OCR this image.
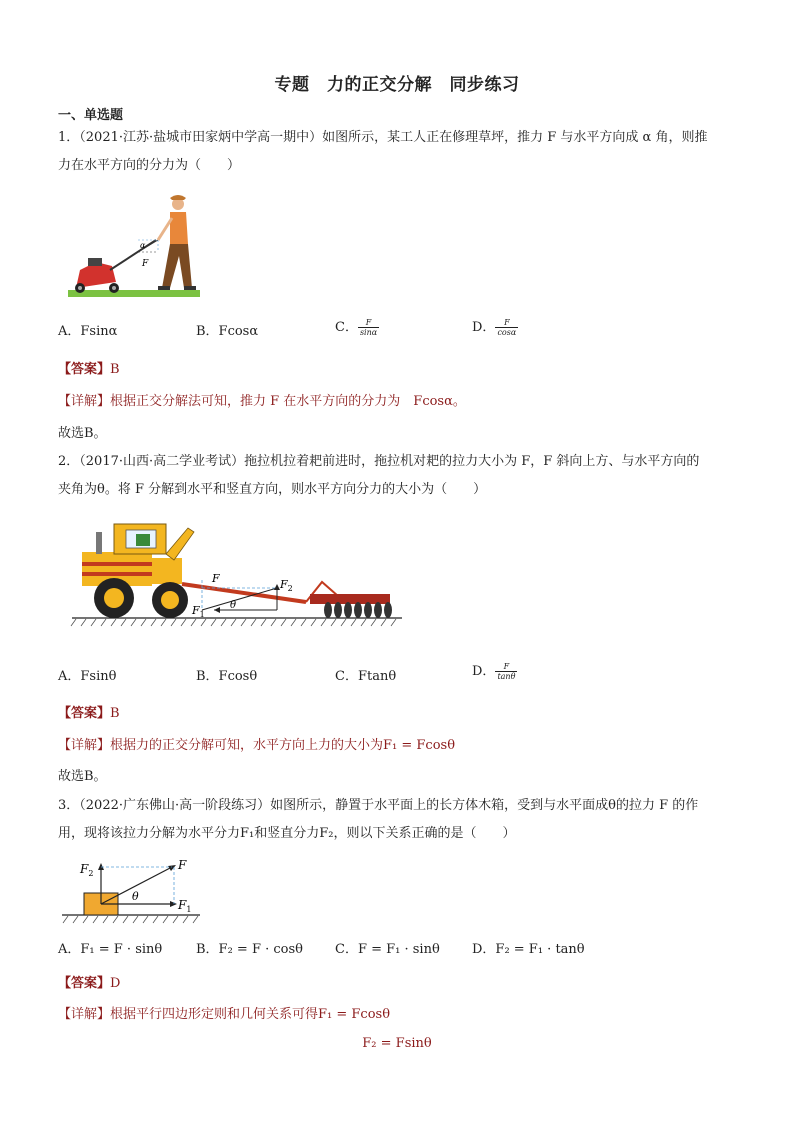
专题　力的正交分解　同步练习
一、单选题
1．（2021·江苏·盐城市田家炳中学高一期中）如图所示，某工人正在修理草坪，推力 F 与水平方向成 α 角，则推
力在水平方向的分力为（　　）
α
F
A．Fsinα	B．Fcosα	C． $\frac{F}{\sin\alpha}$	D． $\frac{F}{\cos\alpha}$
【答案】B
【详解】根据正交分解法可知，推力 F 在水平方向的分力为　Fcosα。
故选B。
2．（2017·山西·高二学业考试）拖拉机拉着耙前进时，拖拉机对耙的拉力大小为 F，F 斜向上方、与水平方向的
夹角为θ。将 F 分解到水平和竖直方向，则水平方向分力的大小为（　　）
F	$F_2$
$F_1$
θ
A．Fsinθ	B．Fcosθ	C．Ftanθ	D． $\frac{F}{\tan\theta}$
【答案】B
【详解】根据力的正交分解可知，水平方向上力的大小为F₁ = Fcosθ
故选B。
3．（2022·广东佛山·高一阶段练习）如图所示，静置于水平面上的长方体木箱，受到与水平面成θ的拉力 F 的作
用，现将该拉力分解为水平分力F₁和竖直分力F₂，则以下关系正确的是（　　）
$F_2$
F
θ
$F_1$
A．F₁ = F · sinθ	B．F₂ = F · cosθ C．F = F₁ · sinθ D．F₂ = F₁ · tanθ
【答案】D
【详解】根据平行四边形定则和几何关系可得F₁ = Fcosθ
F₂ = Fsinθ
